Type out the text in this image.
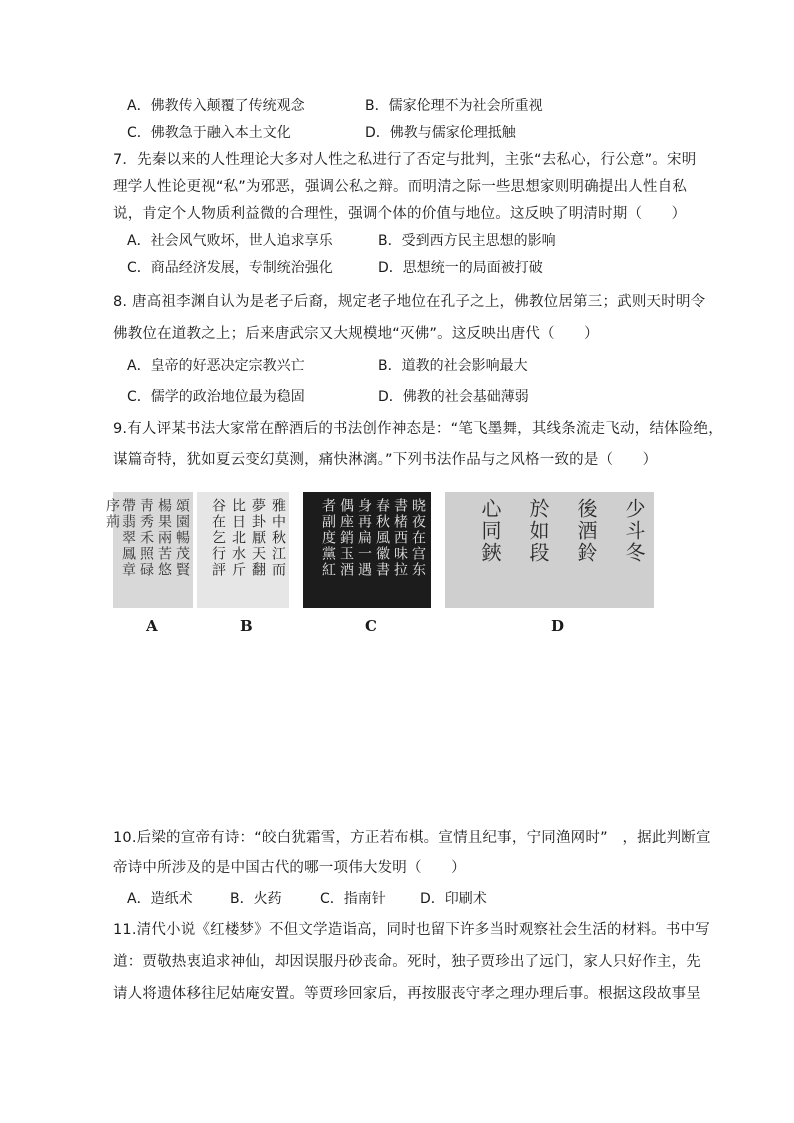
A．佛教传入颠覆了传统观念	B．儒家伦理不为社会所重视
C．佛教急于融入本土文化	D．佛教与儒家伦理抵触
7．先秦以来的人性理论大多对人性之私进行了否定与批判，主张“去私心，行公意”。宋明
理学人性论更视“私”为邪恶，强调公私之辩。而明清之际一些思想家则明确提出人性自私
说，肯定个人物质利益微的合理性，强调个体的价值与地位。这反映了明清时期（　　）
A．社会风气败坏，世人追求享乐	B．受到西方民主思想的影响
C．商品经济发展，专制统治强化	D．思想统一的局面被打破
8. 唐高祖李渊自认为是老子后裔，规定老子地位在孔子之上，佛教位居第三；武则天时明令
佛教位在道教之上；后来唐武宗又大规模地“灭佛”。这反映出唐代（　　）
A．皇帝的好恶决定宗教兴亡	B．道教的社会影响最大
C．儒学的政治地位最为稳固	D．佛教的社会基础薄弱
9.有人评某书法大家常在醉酒后的书法创作神态是：“笔飞墨舞，其线条流走飞动，结体险绝，
谋篇奇特，犹如夏云变幻莫测，痛快淋漓。”下列书法作品与之风格一致的是（　　）
頌園暢茂賢
楊果兩苦悠
靑秀禾照碌
帶翡翠鳳章
序荊	雅中秋江而
夢卦厭天翻
比日北水斤
谷在乞行評	晓夜在宫东
書楮西味拉
春秋風徽書
身再扁一遇
偶座銷玉酒
者副度黨紅	少斗冬
後酒鈴
於如段
心同鋏
A	B	C	D
10.后梁的宣帝有诗：“皎白犹霜雪，方正若布棋。宣情且纪事，宁同渔网时”　，据此判断宣
帝诗中所涉及的是中国古代的哪一项伟大发明（　　）
A．造纸术	B．火药	C．指南针 D．印刷术
11.清代小说《红楼梦》不但文学造诣高，同时也留下许多当时观察社会生活的材料。书中写
道：贾敬热衷追求神仙，却因误服丹砂丧命。死时，独子贾珍出了远门，家人只好作主，先
请人将遗体移往尼姑庵安置。等贾珍回家后，再按服丧守孝之理办理后事。根据这段故事呈
